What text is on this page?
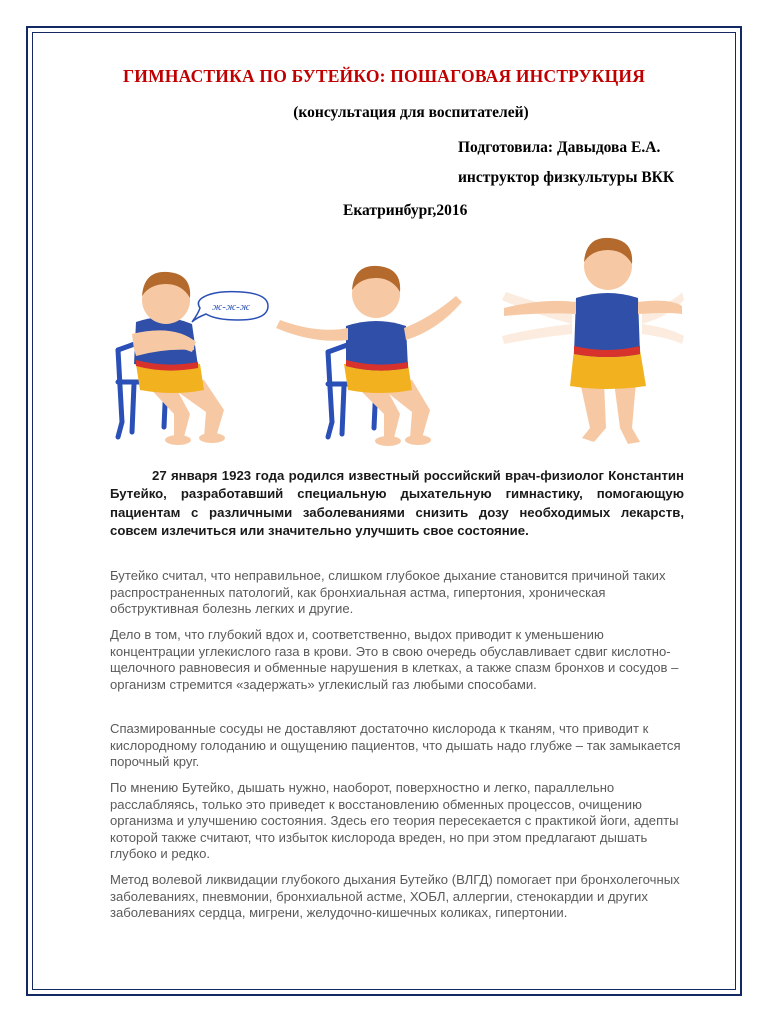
ГИМНАСТИКА ПО БУТЕЙКО: ПОШАГОВАЯ ИНСТРУКЦИЯ
(консультация для воспитателей)
Подготовила: Давыдова Е.А.
инструктор физкультуры ВКК
Екатринбург,2016
ж-ж-ж
27 января 1923 года родился известный российский врач-физиолог Константин Бутейко, разработавший специальную дыхательную гимнастику, помогающую пациентам с различными заболеваниями снизить дозу необходимых лекарств, совсем излечиться или значительно улучшить свое состояние.
Бутейко считал, что неправильное, слишком глубокое дыхание становится причиной таких распространенных патологий, как бронхиальная астма, гипертония, хроническая обструктивная болезнь легких и другие.
Дело в том, что глубокий вдох и, соответственно, выдох приводит к уменьшению концентрации углекислого газа в крови. Это в свою очередь обуславливает сдвиг кислотно-щелочного равновесия и обменные нарушения в клетках, а также спазм бронхов и сосудов – организм стремится «задержать» углекислый газ любыми способами.
Спазмированные сосуды не доставляют достаточно кислорода к тканям, что приводит к кислородному голоданию и ощущению пациентов, что дышать надо глубже – так замыкается порочный круг.
По мнению Бутейко, дышать нужно, наоборот, поверхностно и легко, параллельно расслабляясь, только это приведет к восстановлению обменных процессов, очищению организма и улучшению состояния. Здесь его теория пересекается с практикой йоги, адепты которой также считают, что избыток кислорода вреден, но при этом предлагают дышать глубоко и редко.
Метод волевой ликвидации глубокого дыхания Бутейко (ВЛГД) помогает при бронхолегочных заболеваниях, пневмонии, бронхиальной астме, ХОБЛ, аллергии, стенокардии и других заболеваниях сердца, мигрени, желудочно-кишечных коликах, гипертонии.
